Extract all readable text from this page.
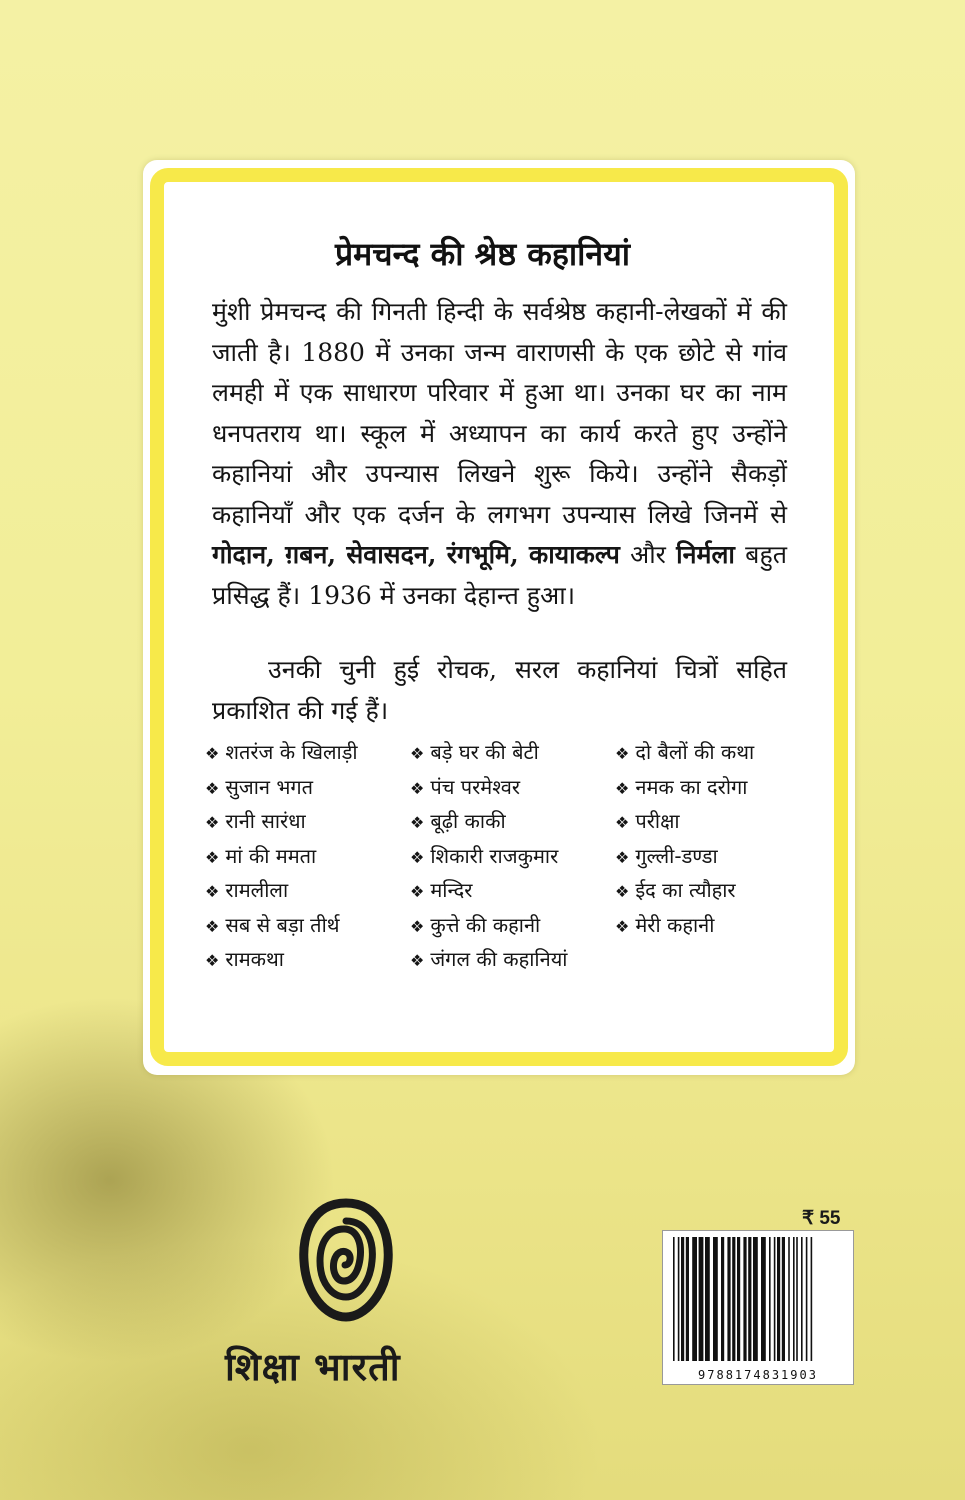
प्रेमचन्द की श्रेष्ठ कहानियां

मुंशी प्रेमचन्द की गिनती हिन्दी के सर्वश्रेष्ठ कहानी-लेखकों में की जाती है। 1880 में उनका जन्म वाराणसी के एक छोटे से गांव लमही में एक साधारण परिवार में हुआ था। उनका घर का नाम धनपतराय था। स्कूल में अध्यापन का कार्य करते हुए उन्होंने कहानियां और उपन्यास लिखने शुरू किये। उन्होंने सैकड़ों कहानियाँ और एक दर्जन के लगभग उपन्यास लिखे जिनमें से गोदान, ग़बन, सेवासदन, रंगभूमि, कायाकल्प और निर्मला बहुत प्रसिद्ध हैं। 1936 में उनका देहान्त हुआ।

उनकी चुनी हुई रोचक, सरल कहानियां चित्रों सहित प्रकाशित की गई हैं।

❖ शतरंज के खिलाड़ी
❖ सुजान भगत
❖ रानी सारंधा
❖ मां की ममता
❖ रामलीला
❖ सब से बड़ा तीर्थ
❖ रामकथा
❖ बड़े घर की बेटी
❖ पंच परमेश्वर
❖ बूढ़ी काकी
❖ शिकारी राजकुमार
❖ मन्दिर
❖ कुत्ते की कहानी
❖ जंगल की कहानियां
❖ दो बैलों की कथा
❖ नमक का दरोगा
❖ परीक्षा
❖ गुल्ली-डण्डा
❖ ईद का त्यौहार
❖ मेरी कहानी
शिक्षा भारती
₹ 55
9788174831903
